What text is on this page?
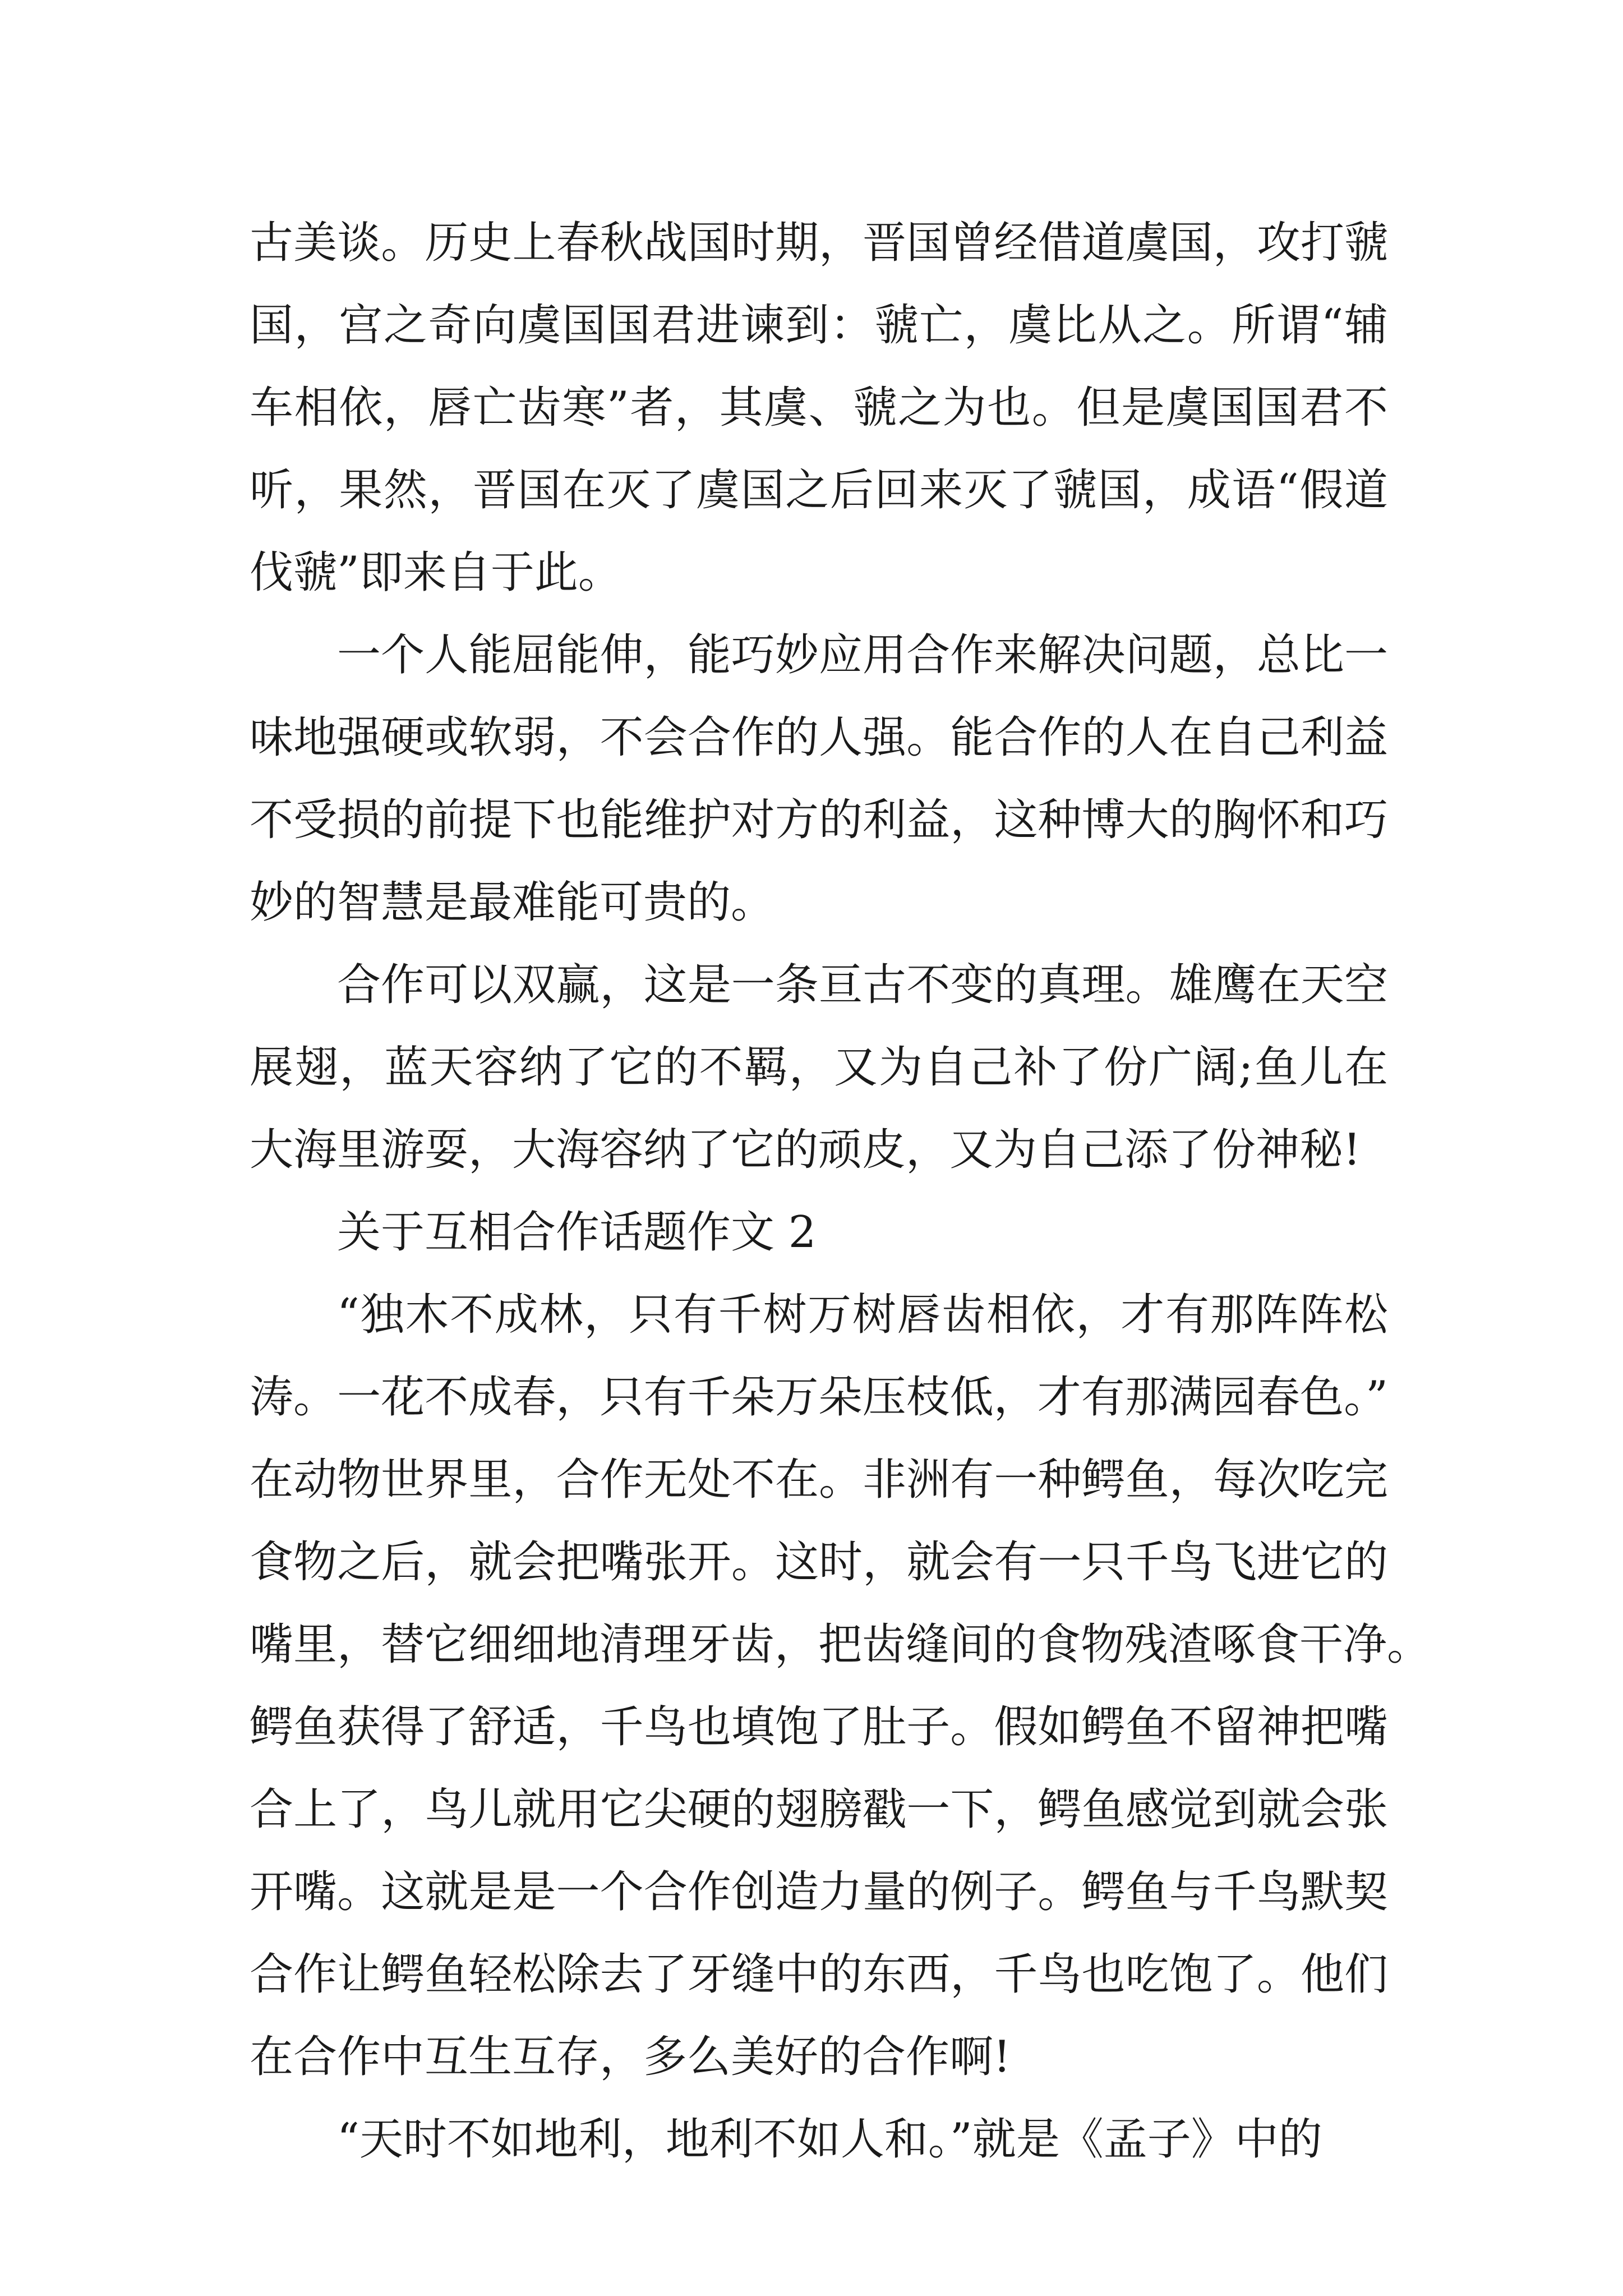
古美谈。历史上春秋战国时期，晋国曾经借道虞国，攻打虢
国，宫之奇向虞国国君进谏到：虢亡，虞比从之。所谓“辅
车相依，唇亡齿寒”者，其虞、虢之为也。但是虞国国君不
听，果然，晋国在灭了虞国之后回来灭了虢国，成语“假道
伐虢”即来自于此。
一个人能屈能伸，能巧妙应用合作来解决问题，总比一
味地强硬或软弱，不会合作的人强。能合作的人在自己利益
不受损的前提下也能维护对方的利益，这种博大的胸怀和巧
妙的智慧是最难能可贵的。
合作可以双赢，这是一条亘古不变的真理。雄鹰在天空
展翅，蓝天容纳了它的不羁，又为自己补了份广阔;鱼儿在
大海里游耍，大海容纳了它的顽皮，又为自己添了份神秘!
关于互相合作话题作文 2
“独木不成林，只有千树万树唇齿相依，才有那阵阵松
涛。一花不成春，只有千朵万朵压枝低，才有那满园春色。”
在动物世界里，合作无处不在。非洲有一种鳄鱼，每次吃完
食物之后，就会把嘴张开。这时，就会有一只千鸟飞进它的
嘴里，替它细细地清理牙齿，把齿缝间的食物残渣啄食干净。
鳄鱼获得了舒适，千鸟也填饱了肚子。假如鳄鱼不留神把嘴
合上了，鸟儿就用它尖硬的翅膀戳一下，鳄鱼感觉到就会张
开嘴。这就是是一个合作创造力量的例子。鳄鱼与千鸟默契
合作让鳄鱼轻松除去了牙缝中的东西，千鸟也吃饱了。他们
在合作中互生互存，多么美好的合作啊!
“天时不如地利，地利不如人和。”就是《孟子》中的
